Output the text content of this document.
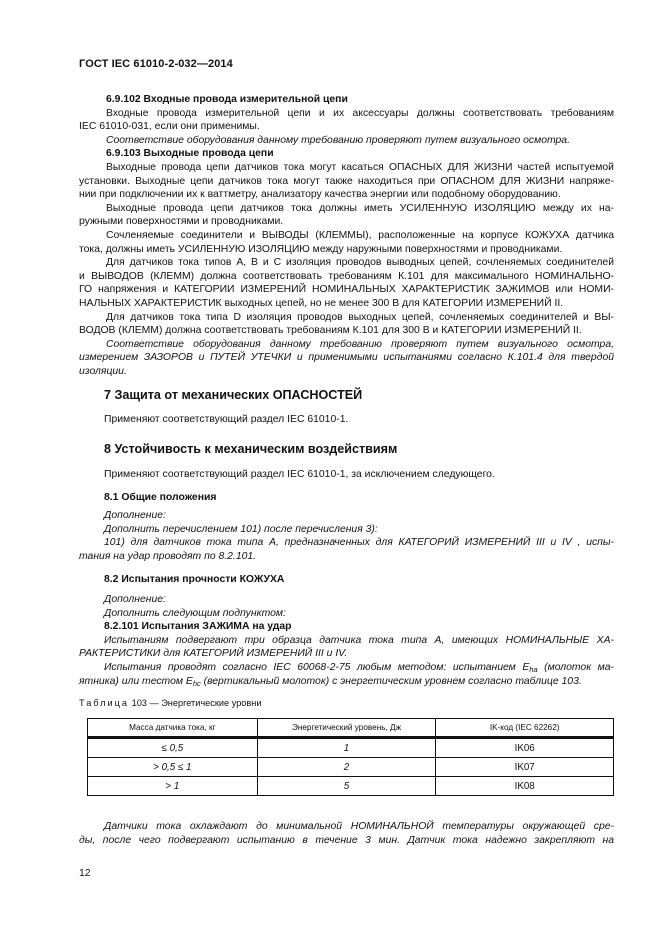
ГОСТ IEC 61010-2-032—2014
6.9.102 Входные провода измерительной цепи
Входные провода измерительной цепи и их аксессуары должны соответствовать требованиям
IEC 61010-031, если они применимы.
Соответствие оборудования данному требованию проверяют путем визуального осмотра.
6.9.103 Выходные провода цепи
Выходные провода цепи датчиков тока могут касаться ОПАСНЫХ ДЛЯ ЖИЗНИ частей испытуемой
установки. Выходные цепи датчиков тока могут также находиться при ОПАСНОМ ДЛЯ ЖИЗНИ напряже-
нии при подключении их к ваттметру, анализатору качества энергии или подобному оборудованию.
Выходные провода цепи датчиков тока должны иметь УСИЛЕННУЮ ИЗОЛЯЦИЮ между их на-
ружными поверхностями и проводниками.
Сочленяемые соединители и ВЫВОДЫ (КЛЕММЫ), расположенные на корпусе КОЖУХА датчика
тока, должны иметь УСИЛЕННУЮ ИЗОЛЯЦИЮ между наружными поверхностями и проводниками.
Для датчиков тока типов А, В и С изоляция проводов выводных цепей, сочленяемых соединителей
и ВЫВОДОВ (КЛЕММ) должна соответствовать требованиям К.101 для максимального НОМИНАЛЬНО-
ГО напряжения и КАТЕГОРИИ ИЗМЕРЕНИЙ НОМИНАЛЬНЫХ ХАРАКТЕРИСТИК ЗАЖИМОВ или НОМИ-
НАЛЬНЫХ ХАРАКТЕРИСТИК выходных цепей, но не менее 300 В для КАТЕГОРИИ ИЗМЕРЕНИЙ II.
Для датчиков тока типа D изоляция проводов выходных цепей, сочленяемых соединителей и ВЫ-
ВОДОВ (КЛЕММ) должна соответствовать требованиям К.101 для 300 В и КАТЕГОРИИ ИЗМЕРЕНИЙ II.
Соответствие оборудования данному требованию проверяют путем визуального осмотра,
измерением ЗАЗОРОВ и ПУТЕЙ УТЕЧКИ и применимыми испытаниями согласно К.101.4 для твердой
изоляции.
7 Защита от механических ОПАСНОСТЕЙ
Применяют соответствующий раздел IEC 61010-1.
8 Устойчивость к механическим воздействиям
Применяют соответствующий раздел IEC 61010-1, за исключением следующего.
8.1 Общие положения
Дополнение:
Дополнить перечислением 101) после перечисления 3):
101) для датчиков тока типа А, предназначенных для КАТЕГОРИЙ ИЗМЕРЕНИЙ III и IV , испы-
тания на удар проводят по 8.2.101.
8.2 Испытания прочности КОЖУХА
Дополнение:
Дополнить следующим подпунктом:
8.2.101 Испытания ЗАЖИМА на удар
Испытаниям подвергают три образца датчика тока типа А, имеющих НОМИНАЛЬНЫЕ ХА-
РАКТЕРИСТИКИ для КАТЕГОРИЙ ИЗМЕРЕНИЙ III и IV.
Испытания проводят согласно IEC 60068-2-75 любым методом: испытанием $E_{ha}$ (молоток ма-
ятника) или тестом $E_{hc}$ (вертикальный молоток) с энергетическим уровнем согласно таблице 103.
Таблица 103 — Энергетические уровни
Масса датчика тока, кг	Энергетический уровень, Дж	IK-код (IEC 62262)
≤ 0,5	1	IK06
> 0,5 ≤ 1	2	IK07
> 1	5	IK08
Датчики тока охлаждают до минимальной НОМИНАЛЬНОЙ температуры окружающей сре-
ды, после чего подвергают испытанию в течение 3 мин. Датчик тока надежно закрепляют на
12
